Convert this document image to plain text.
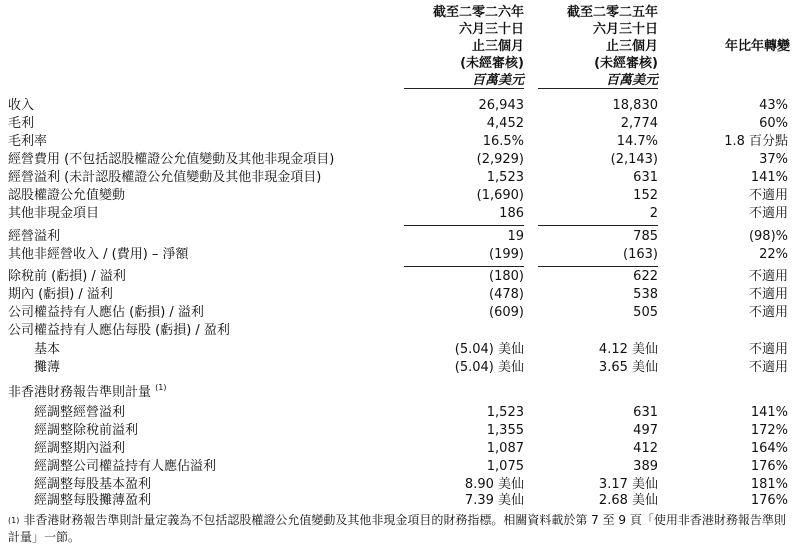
截至二零二六年
六月三十日
止三個月
(未經審核)
百萬美元
截至二零二五年
六月三十日
止三個月
(未經審核)
百萬美元
年比年轉變
收入	26,943	18,830	43%
毛利	4,452	2,774	60%
毛利率	16.5%	14.7%	1.8 百分點
經營費用 (不包括認股權證公允值變動及其他非現金項目)	(2,929)	(2,143)	37%
經營溢利 (未計認股權證公允值變動及其他非現金項目)	1,523	631	141%
認股權證公允值變動	(1,690)	152	不適用
其他非現金項目	186	2	不適用
經營溢利	19	785	(98)%
其他非經營收入 / (費用) – 淨額	(199)	(163)	22%
除稅前 (虧損) / 溢利	(180)	622	不適用
期內 (虧損) / 溢利	(478)	538	不適用
公司權益持有人應佔 (虧損) / 溢利	(609)	505	不適用
公司權益持有人應佔每股 (虧損) / 盈利
基本	(5.04) 美仙	4.12 美仙	不適用
攤薄	(5.04) 美仙	3.65 美仙	不適用
非香港財務報告準則計量 $^{(1)}$
經調整經營溢利	1,523	631	141%
經調整除稅前溢利	1,355	497	172%
經調整期內溢利	1,087	412	164%
經調整公司權益持有人應佔溢利	1,075	389	176%
經調整每股基本盈利	8.90 美仙	3.17 美仙	181%
經調整每股攤薄盈利	7.39 美仙	2.68 美仙	176%
$^{(1)}$ 非香港財務報告準則計量定義為不包括認股權證公允值變動及其他非現金項目的財務指標。相關資料載於第 7 至 9 頁「使用非香港財務報告準則計量」一節。
